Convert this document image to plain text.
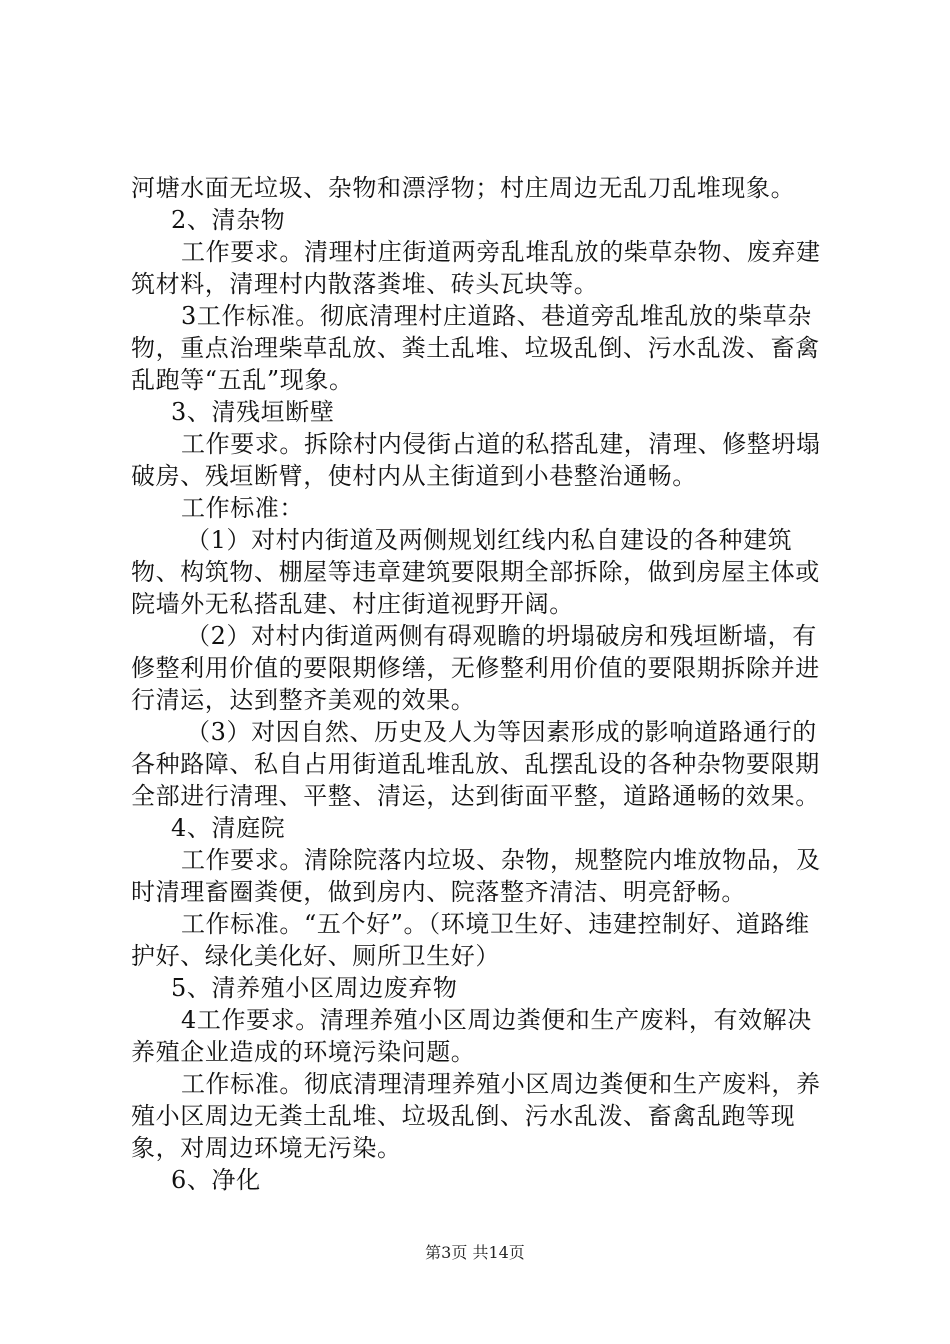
河塘水面无垃圾、杂物和漂浮物；村庄周边无乱刀乱堆现象。

2、清杂物

工作要求。清理村庄街道两旁乱堆乱放的柴草杂物、废弃建筑材料，清理村内散落粪堆、砖头瓦块等。

3工作标准。彻底清理村庄道路、巷道旁乱堆乱放的柴草杂物，重点治理柴草乱放、粪土乱堆、垃圾乱倒、污水乱泼、畜禽乱跑等“五乱”现象。

3、清残垣断壁

工作要求。拆除村内侵街占道的私搭乱建，清理、修整坍塌破房、残垣断臂，使村内从主街道到小巷整治通畅。

工作标准：

（1）对村内街道及两侧规划红线内私自建设的各种建筑物、构筑物、棚屋等违章建筑要限期全部拆除，做到房屋主体或院墙外无私搭乱建、村庄街道视野开阔。

（2）对村内街道两侧有碍观瞻的坍塌破房和残垣断墙，有修整利用价值的要限期修缮，无修整利用价值的要限期拆除并进行清运，达到整齐美观的效果。

（3）对因自然、历史及人为等因素形成的影响道路通行的各种路障、私自占用街道乱堆乱放、乱摆乱设的各种杂物要限期全部进行清理、平整、清运，达到街面平整，道路通畅的效果。

4、清庭院

工作要求。清除院落内垃圾、杂物，规整院内堆放物品，及时清理畜圈粪便，做到房内、院落整齐清洁、明亮舒畅。

工作标准。“五个好”。（环境卫生好、违建控制好、道路维护好、绿化美化好、厕所卫生好）

5、清养殖小区周边废弃物

4工作要求。清理养殖小区周边粪便和生产废料，有效解决养殖企业造成的环境污染问题。

工作标准。彻底清理清理养殖小区周边粪便和生产废料，养殖小区周边无粪土乱堆、垃圾乱倒、污水乱泼、畜禽乱跑等现象，对周边环境无污染。

6、净化

第3页 共14页
